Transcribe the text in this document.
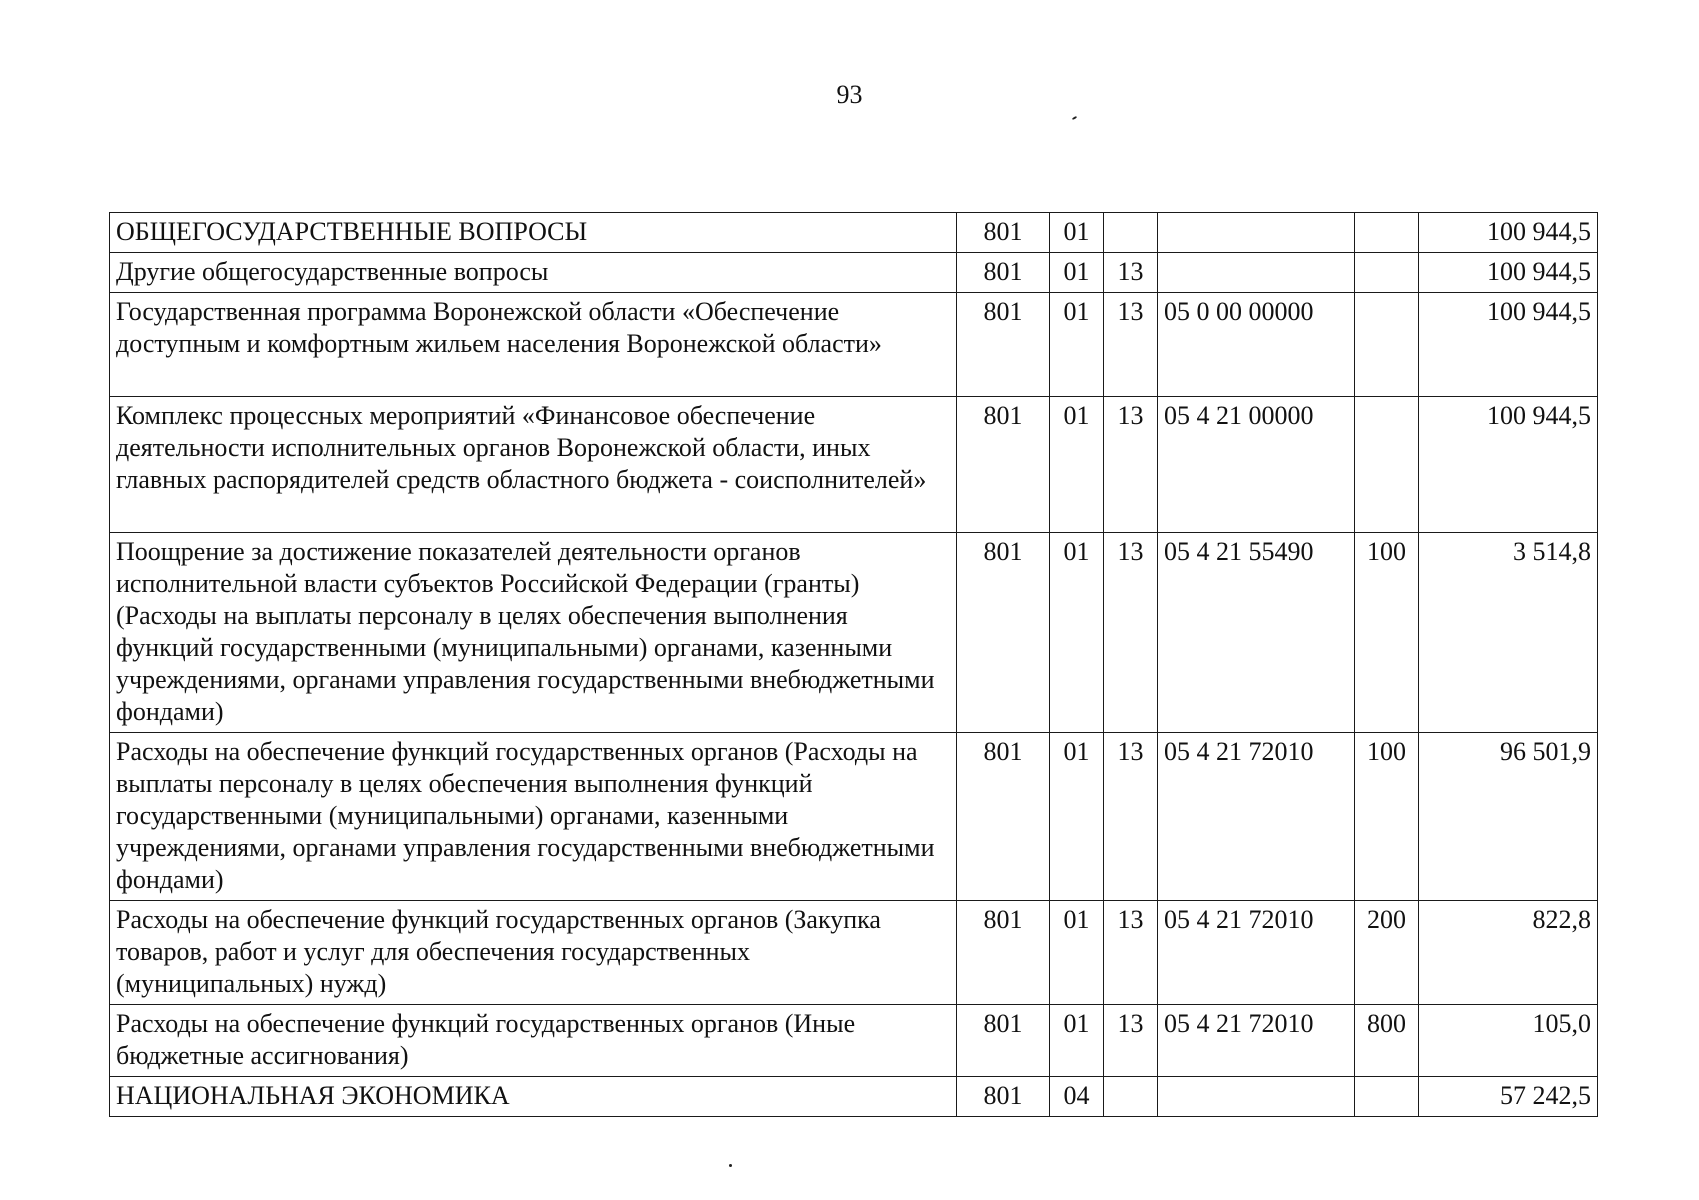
93
ОБЩЕГОСУДАРСТВЕННЫЕ ВОПРОСЫ	801	01				100 944,5
Другие общегосударственные вопросы	801	01	13			100 944,5
Государственная программа Воронежской области «Обеспечение доступным и комфортным жильем населения Воронежской области»	801	01	13	05 0 00 00000		100 944,5
Комплекс процессных мероприятий «Финансовое обеспечение деятельности исполнительных органов Воронежской области, иных главных распорядителей средств областного бюджета - соисполнителей»	801	01	13	05 4 21 00000		100 944,5
Поощрение за достижение показателей деятельности органов исполнительной власти субъектов Российской Федерации (гранты) (Расходы на выплаты персоналу в целях обеспечения выполнения функций государственными (муниципальными) органами, казенными учреждениями, органами управления государственными внебюджетными фондами)	801	01	13	05 4 21 55490	100	3 514,8
Расходы на обеспечение функций государственных органов (Расходы на выплаты персоналу в целях обеспечения выполнения функций государственными (муниципальными) органами, казенными учреждениями, органами управления государственными внебюджетными фондами)	801	01	13	05 4 21 72010	100	96 501,9
Расходы на обеспечение функций государственных органов (Закупка товаров, работ и услуг для обеспечения государственных (муниципальных) нужд)	801	01	13	05 4 21 72010	200	822,8
Расходы на обеспечение функций государственных органов (Иные бюджетные ассигнования)	801	01	13	05 4 21 72010	800	105,0
НАЦИОНАЛЬНАЯ ЭКОНОМИКА	801	04				57 242,5
